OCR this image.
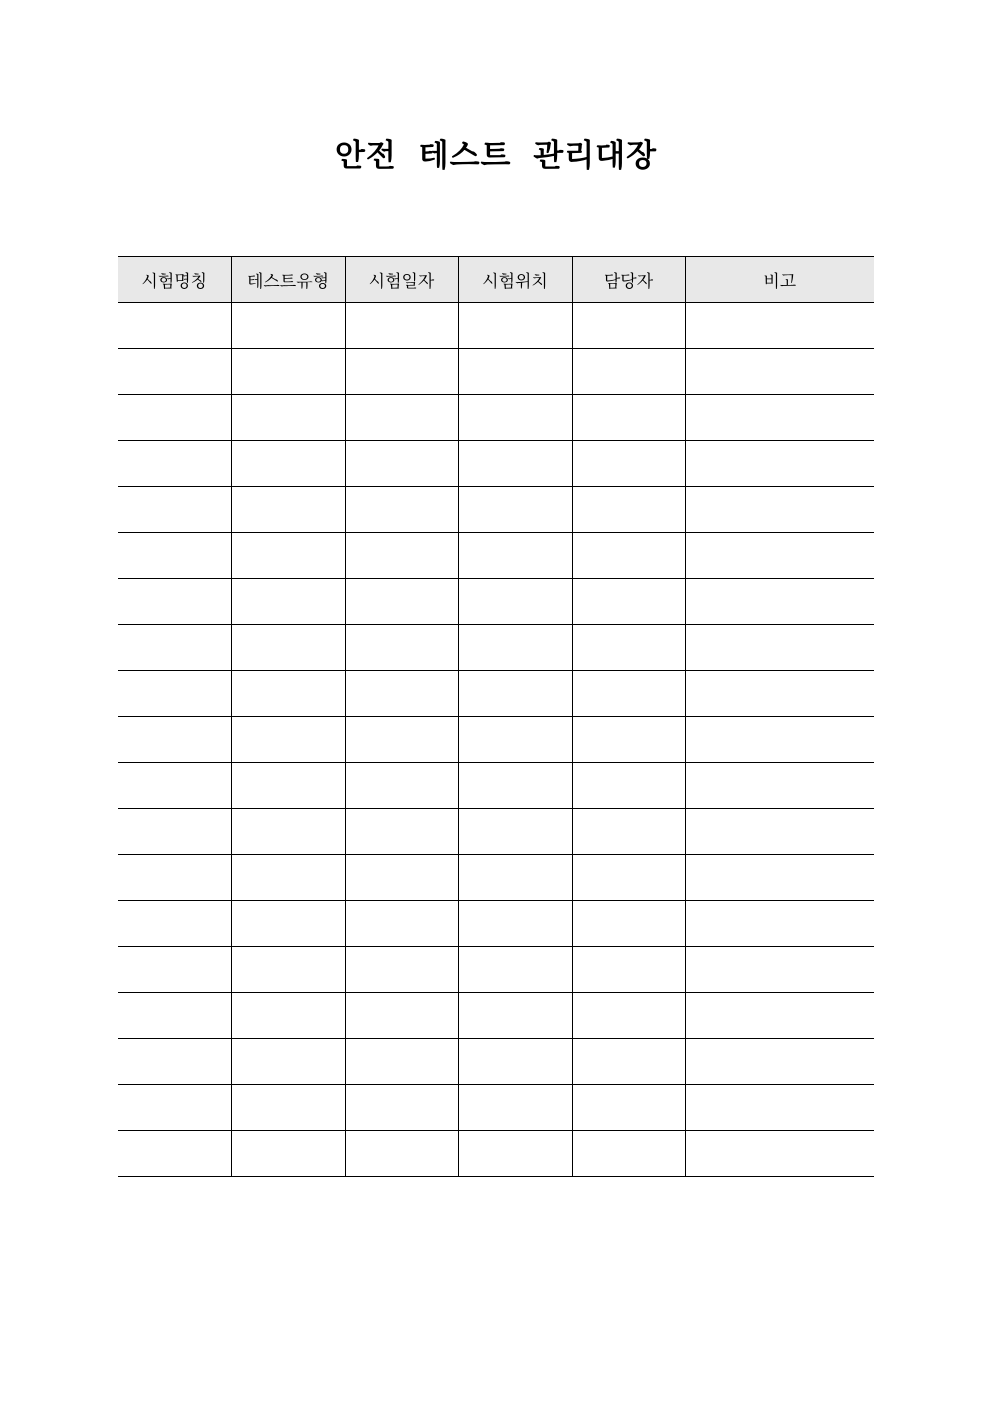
안전 테스트 관리대장
시험명칭	테스트유형	시험일자	시험위치	담당자	비고
